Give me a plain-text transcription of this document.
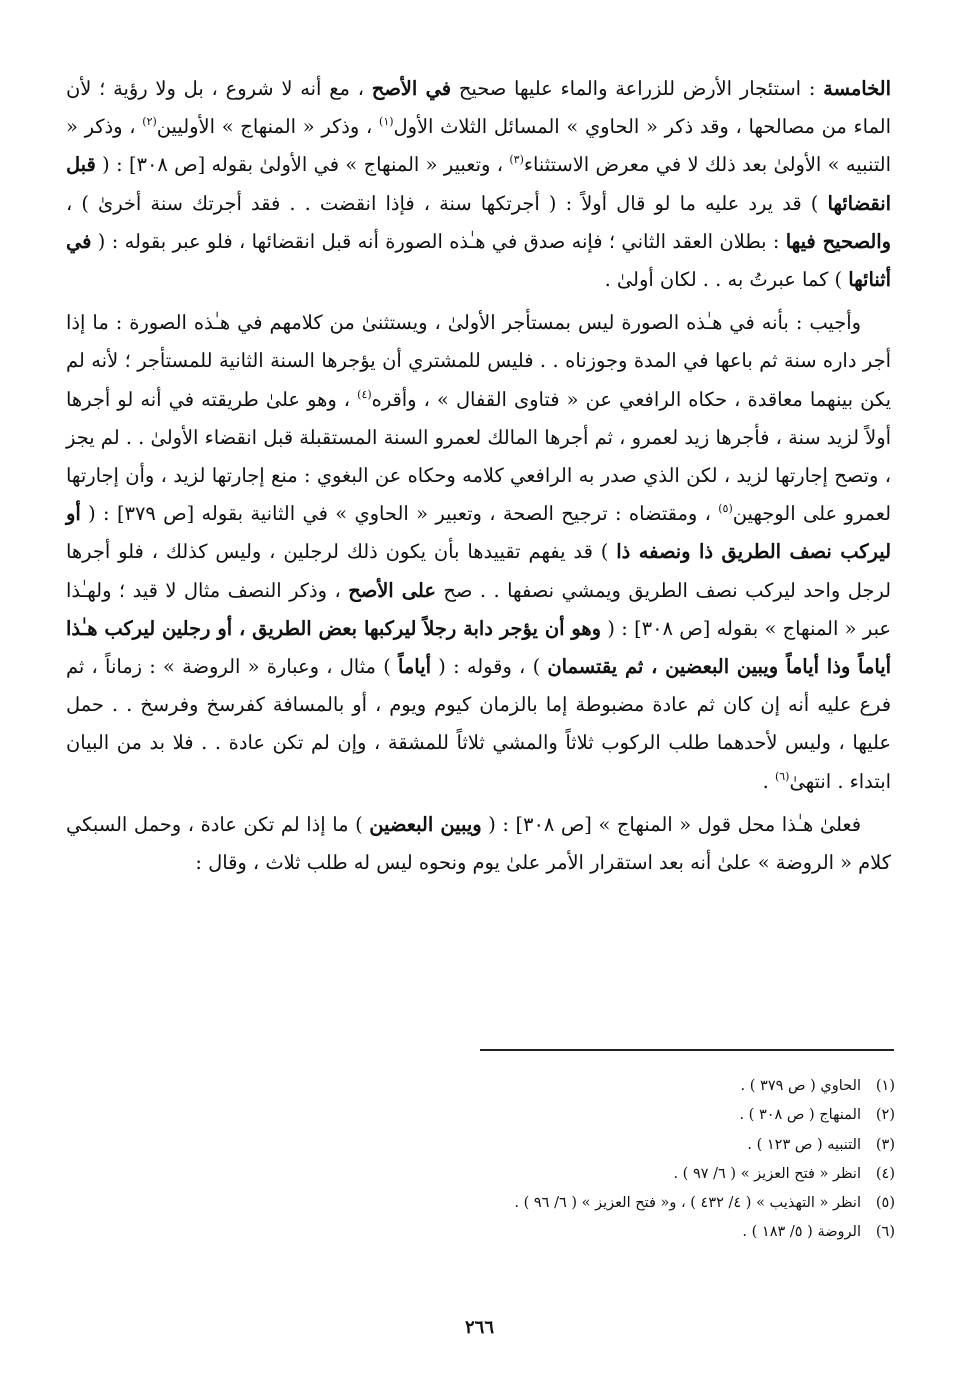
الخامسة : استئجار الأرض للزراعة والماء عليها صحيح في الأصح ، مع أنه لا شروع ، بل ولا رؤية ؛ لأن الماء من مصالحها ، وقد ذكر « الحاوي » المسائل الثلاث الأول$^{(١)}$ ، وذكر « المنهاج » الأوليين$^{(٢)}$ ، وذكر « التنبيه » الأولىٰ بعد ذلك لا في معرض الاستثناء$^{(٣)}$ ، وتعبير « المنهاج » في الأولىٰ بقوله [ص ٣٠٨] : ( قبل انقضائها ) قد يرد عليه ما لو قال أولاً : ( أجرتكها سنة ، فإذا انقضت . . فقد أجرتك سنة أخرىٰ ) ، والصحيح فيها : بطلان العقد الثاني ؛ فإنه صدق في هـٰذه الصورة أنه قبل انقضائها ، فلو عبر بقوله : ( في أثنائها ) كما عبرتُ به . . لكان أولىٰ .

وأجيب : بأنه في هـٰذه الصورة ليس بمستأجر الأولىٰ ، ويستثنىٰ من كلامهم في هـٰذه الصورة : ما إذا أجر داره سنة ثم باعها في المدة وجوزناه . . فليس للمشتري أن يؤجرها السنة الثانية للمستأجر ؛ لأنه لم يكن بينهما معاقدة ، حكاه الرافعي عن « فتاوى القفال » ، وأقره$^{(٤)}$ ، وهو علىٰ طريقته في أنه لو أجرها أولاً لزيد سنة ، فأجرها زيد لعمرو ، ثم أجرها المالك لعمرو السنة المستقبلة قبل انقضاء الأولىٰ . . لم يجز ، وتصح إجارتها لزيد ، لكن الذي صدر به الرافعي كلامه وحكاه عن البغوي : منع إجارتها لزيد ، وأن إجارتها لعمرو على الوجهين$^{(٥)}$ ، ومقتضاه : ترجيح الصحة ، وتعبير « الحاوي » في الثانية بقوله [ص ٣٧٩] : ( أو ليركب نصف الطريق ذا ونصفه ذا ) قد يفهم تقييدها بأن يكون ذلك لرجلين ، وليس كذلك ، فلو أجرها لرجل واحد ليركب نصف الطريق ويمشي نصفها . . صح على الأصح ، وذكر النصف مثال لا قيد ؛ ولهـٰذا عبر « المنهاج » بقوله [ص ٣٠٨] : ( وهو أن يؤجر دابة رجلاً ليركبها بعض الطريق ، أو رجلين ليركب هـٰذا أياماً وذا أياماً ويبين البعضين ، ثم يقتسمان ) ، وقوله : ( أياماً ) مثال ، وعبارة « الروضة » : زماناً ، ثم فرع عليه أنه إن كان ثم عادة مضبوطة إما بالزمان كيوم ويوم ، أو بالمسافة كفرسخ وفرسخ . . حمل عليها ، وليس لأحدهما طلب الركوب ثلاثاً والمشي ثلاثاً للمشقة ، وإن لم تكن عادة . . فلا بد من البيان ابتداء . انتهىٰ$^{(٦)}$ .

فعلىٰ هـٰذا محل قول « المنهاج » [ص ٣٠٨] : ( ويبين البعضين ) ما إذا لم تكن عادة ، وحمل السبكي كلام « الروضة » علىٰ أنه بعد استقرار الأمر علىٰ يوم ونحوه ليس له طلب ثلاث ، وقال :

(١)
الحاوي ( ص ٣٧٩ ) .
(٢)
المنهاج ( ص ٣٠٨ ) .
(٣)
التنبيه ( ص ١٢٣ ) .
(٤)
انظر « فتح العزيز » ( ٦/ ٩٧ ) .
(٥)
انظر « التهذيب » ( ٤/ ٤٣٢ ) ، و« فتح العزيز » ( ٦/ ٩٦ ) .
(٦)
الروضة ( ٥/ ١٨٣ ) .
٢٦٦
